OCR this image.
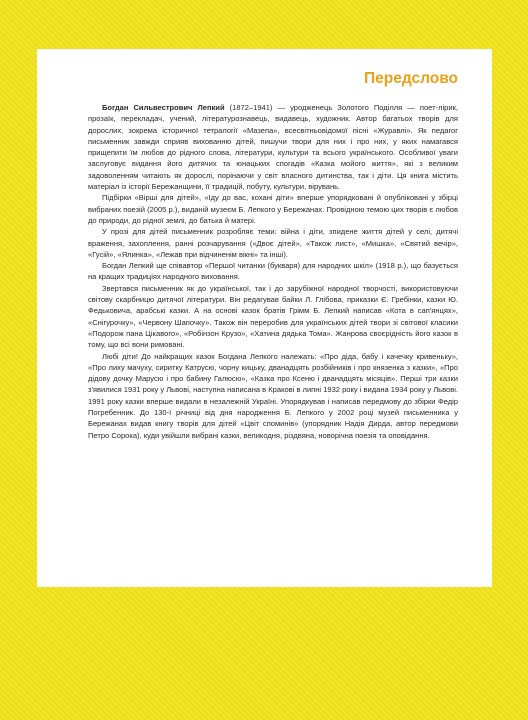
Передслово

Богдан Сильвестрович Лепкий (1872–1941) — уродженець Золотого Поділля — поет-лірик, прозаїк, перекладач, учений, літературознавець, видавець, художник. Автор багатьох творів для дорослих, зокрема історичної тетралогії «Мазепа», всесвітньовідомої пісні «Журавлі». Як педагог письменник завжди сприяв вихованню дітей, пишучи твори для них і про них, у яких намагався прищепити їм любов до рідного слова, літератури, культури та всього українського. Особливої уваги заслуговує видання його дитячих та юнацьких спогадів «Казка мойого життя», які з великим задоволенням читають як дорослі, порінаючи у світ власного дитинства, так і діти. Ця книга містить матеріал із історії Бережанщини, її традицій, побуту, культури, вірувань.

Підбірки «Вірші для дітей», «Іду до вас, кохані діти» вперше упорядковані й опубліковані у збірці вибраних поезій (2005 р.), виданій музеєм Б. Лепкого у Бережанах. Провідною темою цих творів є любов до природи, до рідної землі, до батька й матері.

У прозі для дітей письменник розробляє теми: війна і діти, зпидене життя дітей у селі, дитячі враження, захоплення, ранні розчарування («Двоє дітей», «Також лист», «Мишка», «Святий вечір», «Гусій», «Ялинка», «Лежав при відчиненім вікні» та інші).

Богдан Лепкий ще співавтор «Першої читанки (букваря) для народних шкіл» (1918 р.), що базується на кращих традиціях народного виховання.

Звертався письменник як до української, так і до зарубіжної народної творчості, використовуючи світову скарбницю дитячої літератури. Він редагував байки Л. Глібова, приказки Є. Гребінки, казки Ю. Федьковича, арабські казки. А на основі казок братів Грімм Б. Лепкий написав «Кота в сап'янцях», «Снігурочку», «Червону Шапочку». Також він переробив для українських дітей твори зі світової класики «Подорож пана Цікавого», «Робінзон Крузо», «Хатина дядька Тома». Жанрова своєрідність його казок в тому, що всі вони римовані.

Любі діти! До найкращих казок Богдана Лепкого належать: «Про діда, бабу і качечку кривеньку», «Про лиху мачуху, сиритку Катрусю, чорну кицьку, дванадцять розбійників і про князенка з казки», «Про дідову дочку Марусю і про бабину Галюсю», «Казка про Ксеню і дванадцять місяців». Перші три казки з'явилися 1931 року у Львові, наступна написана в Кракові в липні 1932 року і видана 1934 року у Львові. 1991 року казки вперше видали в незалежній Україні. Упорядкував і написав передмову до збірки Федір Погребенник. До 130-ї річниці від дня народження Б. Лепкого у 2002 році музей письменника у Бережанах видав книгу творів для дітей «Цвіт споминів» (упорядник Надія Дирда, автор передмови Петро Сорока), куди увійшли вибрані казки, великодня, різдвяна, новорічна поезія та оповідання.
